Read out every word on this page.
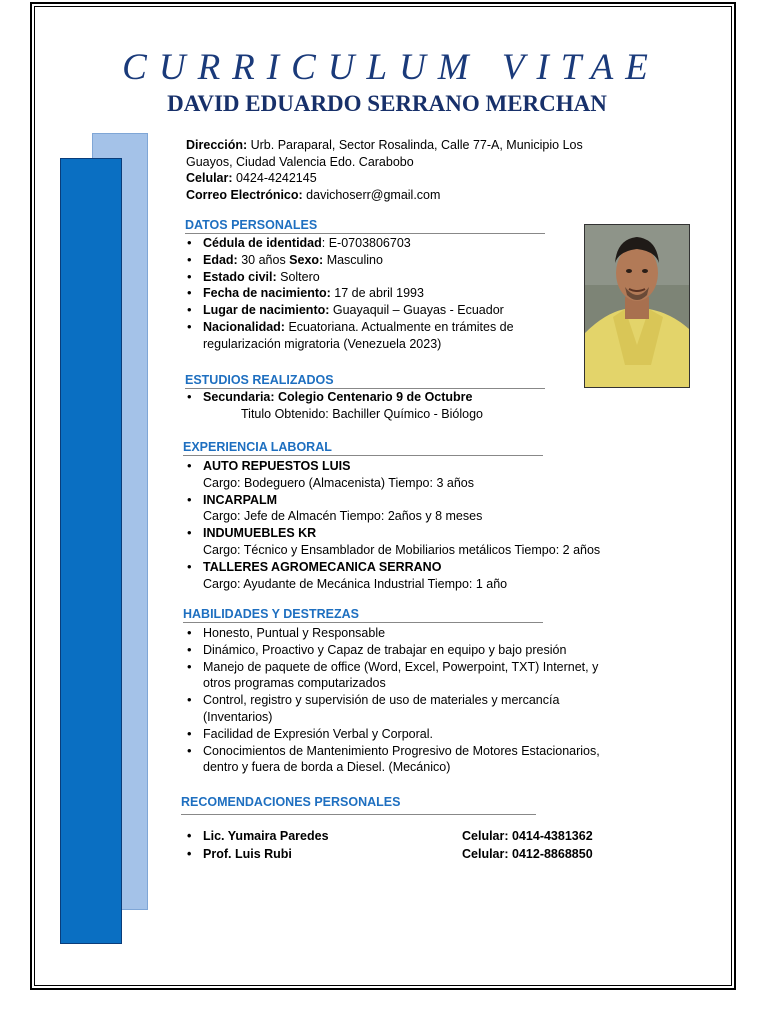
CURRICULUM VITAE
DAVID EDUARDO SERRANO MERCHAN
Dirección: Urb. Paraparal, Sector Rosalinda, Calle 77-A, Municipio Los
Guayos, Ciudad Valencia Edo. Carabobo
Celular: 0424-4242145
Correo Electrónico: davichoserr@gmail.com
DATOS PERSONALES
• Cédula de identidad: E-0703806703
• Edad: 30 años Sexo: Masculino
• Estado civil: Soltero
• Fecha de nacimiento: 17 de abril 1993
• Lugar de nacimiento: Guayaquil – Guayas - Ecuador
• Nacionalidad: Ecuatoriana. Actualmente en trámites de
regularización migratoria (Venezuela 2023)
ESTUDIOS REALIZADOS
• Secundaria: Colegio Centenario 9 de Octubre
Titulo Obtenido: Bachiller Químico - Biólogo
EXPERIENCIA LABORAL
• AUTO REPUESTOS LUIS
Cargo: Bodeguero (Almacenista) Tiempo: 3 años
• INCARPALM
Cargo: Jefe de Almacén Tiempo: 2años y 8 meses
• INDUMUEBLES KR
Cargo: Técnico y Ensamblador de Mobiliarios metálicos Tiempo: 2 años
• TALLERES AGROMECANICA SERRANO
Cargo: Ayudante de Mecánica Industrial Tiempo: 1 año
HABILIDADES Y DESTREZAS
• Honesto, Puntual y Responsable
• Dinámico, Proactivo y Capaz de trabajar en equipo y bajo presión
• Manejo de paquete de office (Word, Excel, Powerpoint, TXT) Internet, y
otros programas computarizados
• Control, registro y supervisión de uso de materiales y mercancía
(Inventarios)
• Facilidad de Expresión Verbal y Corporal.
• Conocimientos de Mantenimiento Progresivo de Motores Estacionarios,
dentro y fuera de borda a Diesel. (Mecánico)
RECOMENDACIONES PERSONALES
• Lic. Yumaira Paredes	Celular: 0414-4381362
• Prof. Luis Rubi	Celular: 0412-8868850
